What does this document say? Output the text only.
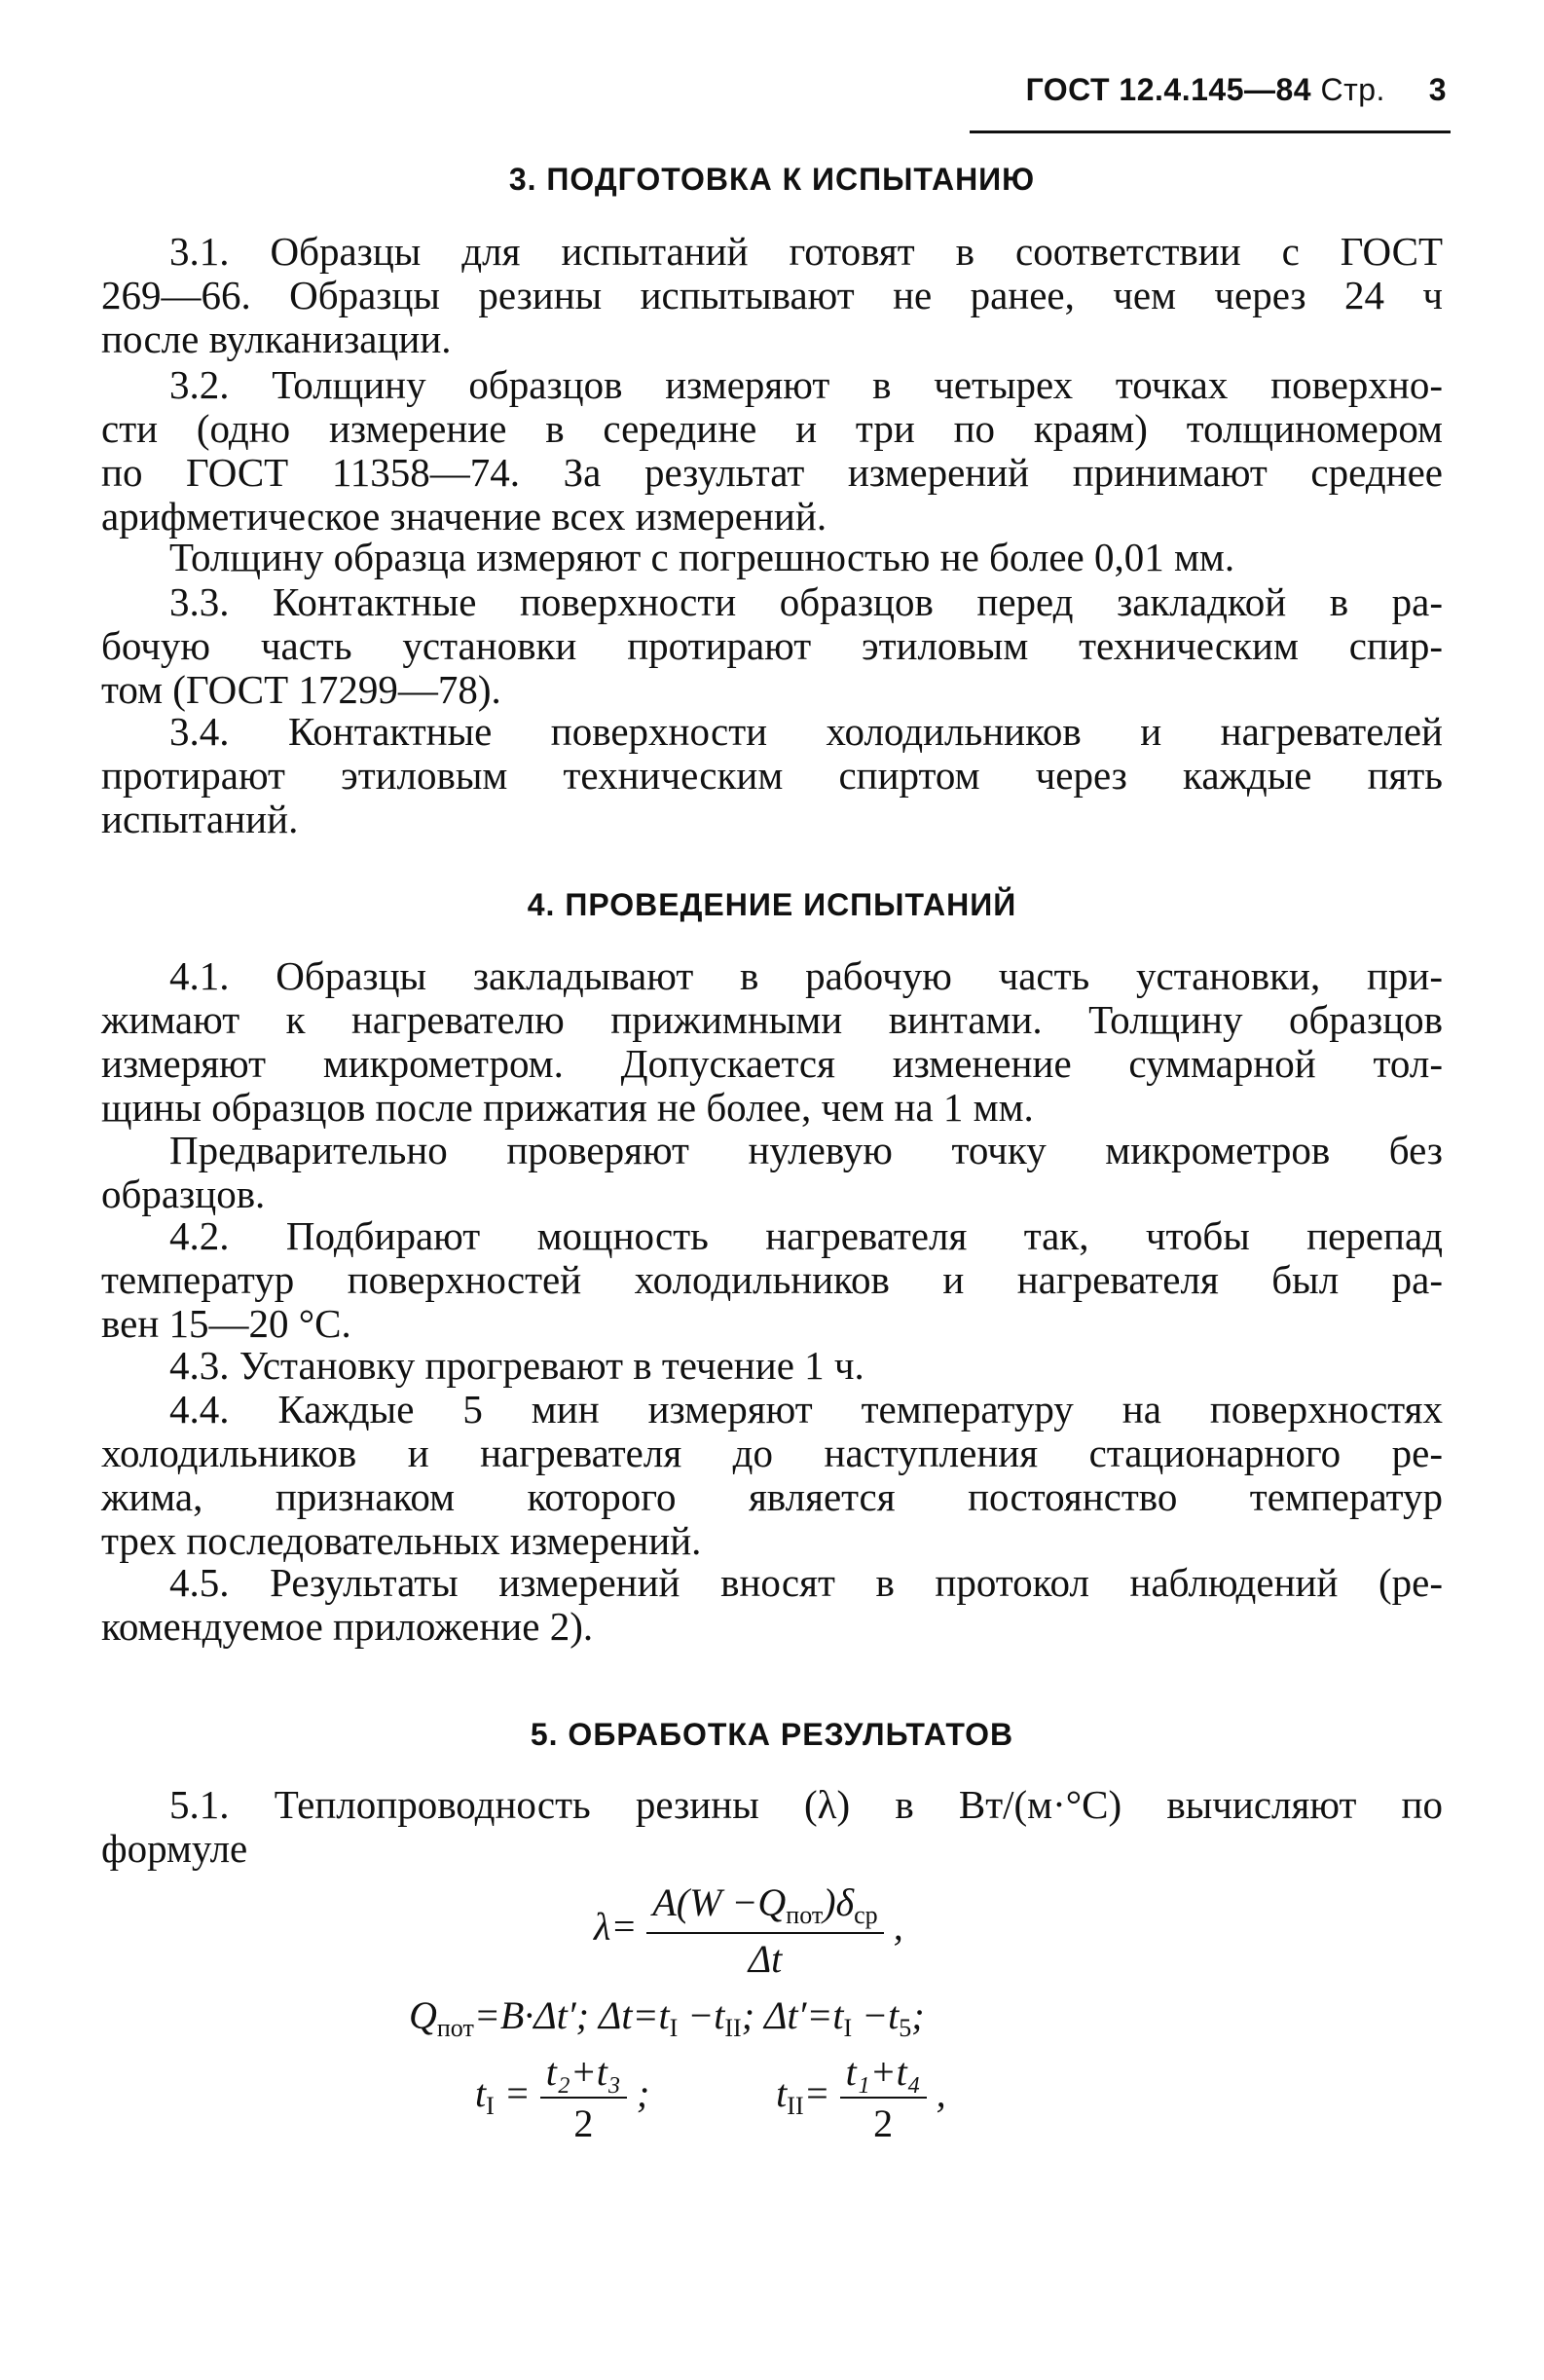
ГОСТ 12.4.145—84 Стр. 3
3. ПОДГОТОВКА К ИСПЫТАНИЮ
3.1. Образцы для испытаний готовят в соответствии с ГОСТ
269—66. Образцы резины испытывают не ранее, чем через 24 ч
после вулканизации.
3.2. Толщину образцов измеряют в четырех точках поверхно-
сти (одно измерение в середине и три по краям) толщиномером
по ГОСТ 11358—74. За результат измерений принимают среднее
арифметическое значение всех измерений.
Толщину образца измеряют с погрешностью не более 0,01 мм.
3.3. Контактные поверхности образцов перед закладкой в ра-
бочую часть установки протирают этиловым техническим спир-
том (ГОСТ 17299—78).
3.4. Контактные поверхности холодильников и нагревателей
протирают этиловым техническим спиртом через каждые пять
испытаний.
4. ПРОВЕДЕНИЕ ИСПЫТАНИЙ
4.1. Образцы закладывают в рабочую часть установки, при-
жимают к нагревателю прижимными винтами. Толщину образцов
измеряют микрометром. Допускается изменение суммарной тол-
щины образцов после прижатия не более, чем на 1 мм.
Предварительно проверяют нулевую точку микрометров без
образцов.
4.2. Подбирают мощность нагревателя так, чтобы перепад
температур поверхностей холодильников и нагревателя был ра-
вен 15—20 °С.
4.3. Установку прогревают в течение 1 ч.
4.4. Каждые 5 мин измеряют температуру на поверхностях
холодильников и нагревателя до наступления стационарного ре-
жима, признаком которого является постоянство температур
трех последовательных измерений.
4.5. Результаты измерений вносят в протокол наблюдений (ре-
комендуемое приложение 2).
5. ОБРАБОТКА РЕЗУЛЬТАТОВ
5.1. Теплопроводность резины (λ) в Вт/(м·°С) вычисляют по
формуле
$\lambda= \frac{A(W -Q_{пот})\delta_{ср}}{\Delta t}$ ,
$Q_{пот}=B\cdot\Delta t'$; $\Delta t=t_I -t_{II}$; $\Delta t'=t_I -t_5$;
$t_I = \frac{\text{t₂+t₃}}{2}$ ;	$t_{II}= \frac{\text{t₁+t₄}}{2}$ ,
